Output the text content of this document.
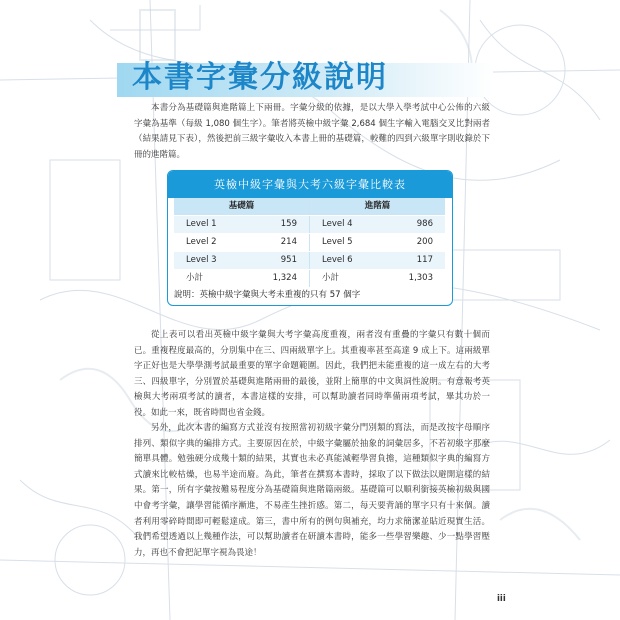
本書字彙分級說明

本書分為基礎篇與進階篇上下兩冊。字彙分級的依據，是以大學入學考試中心公佈的六級字彙為基準（每級 1,080 個生字）。筆者將英檢中級字彙 2,684 個生字輸入電腦交叉比對兩者（結果請見下表），然後把前三級字彙收入本書上冊的基礎篇，較難的四到六級單字則收錄於下冊的進階篇。

英檢中級字彙與大考六級字彙比較表
基礎篇	進階篇
Level 1	159	Level 4	986
Level 2	214	Level 5	200
Level 3	951	Level 6	117
小計	1,324	小計	1,303
說明：英檢中級字彙與大考未重複的只有 57 個字

從上表可以看出英檢中級字彙與大考字彙高度重複，兩者沒有重疊的字彙只有數十個而已。重複程度最高的，分別集中在三、四兩級單字上。其重複率甚至高達 9 成上下。這兩級單字正好也是大學學測考試最重要的單字命題範圍。因此，我們把未能重複的這一成左右的大考三、四級單字，分別置於基礎與進階兩冊的最後，並附上簡單的中文與詞性說明。有意報考英檢與大考兩項考試的讀者，本書這樣的安排，可以幫助讀者同時準備兩項考試，畢其功於一役。如此一來，既省時間也省金錢。

另外，此次本書的編寫方式並沒有按照當初初級字彙分門別類的寫法，而是改按字母順序排列、類似字典的編排方式。主要原因在於，中級字彙屬於抽象的詞彙居多，不若初級字那麼簡單具體。勉強硬分成幾十類的結果，其實也未必真能減輕學習負擔，這種類似字典的編寫方式讀來比較枯燥，也易半途而廢。為此，筆者在撰寫本書時，採取了以下做法以避開這樣的結果。第一，所有字彙按難易程度分為基礎篇與進階篇兩級。基礎篇可以順利銜接英檢初級與國中會考字彙，讓學習能循序漸進，不易產生挫折感。第二，每天要背誦的單字只有十來個。讀者利用零碎時間即可輕鬆達成。第三，書中所有的例句與補充，均力求簡潔並貼近現實生活。我們希望透過以上幾種作法，可以幫助讀者在研讀本書時，能多一些學習樂趣、少一點學習壓力，再也不會把記單字視為畏途！

iii
